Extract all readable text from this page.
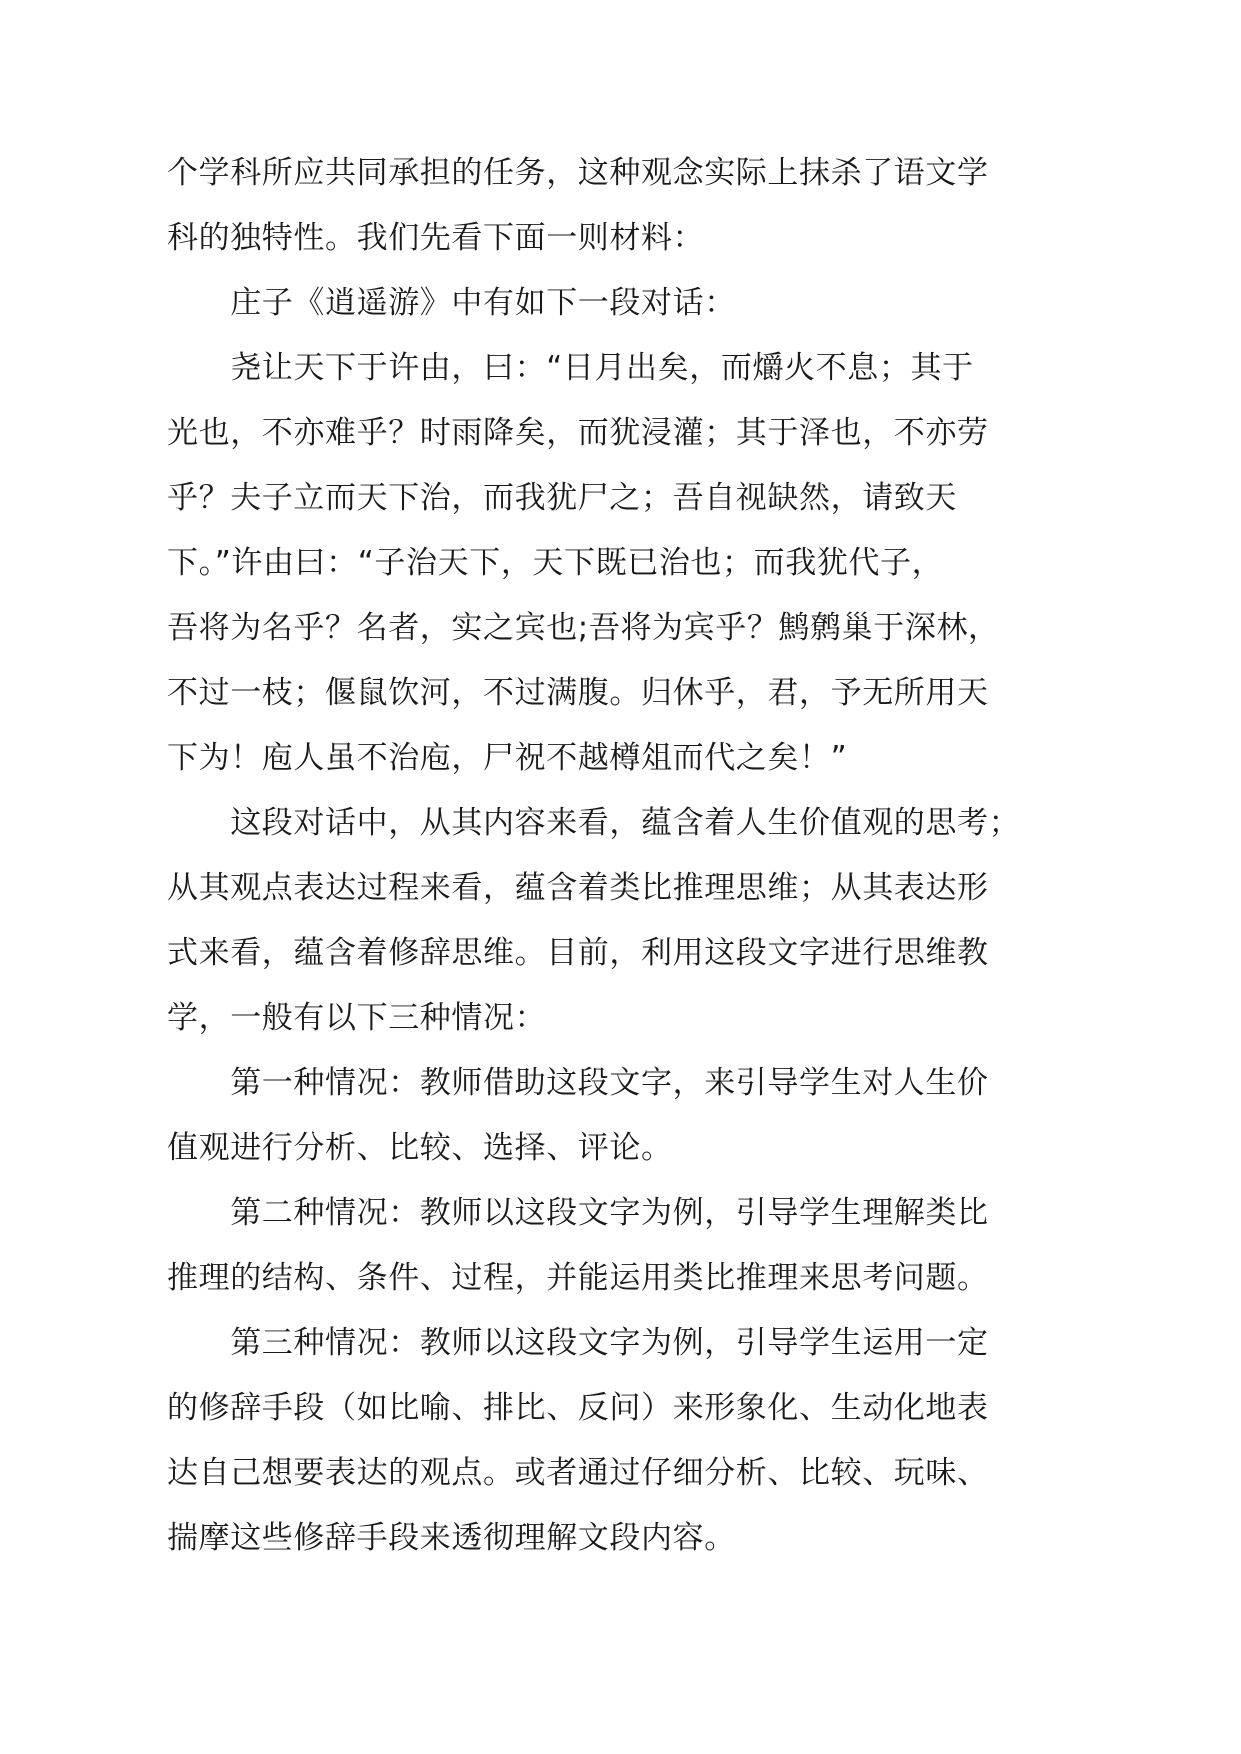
个学科所应共同承担的任务，这种观念实际上抹杀了语文学
科的独特性。我们先看下面一则材料：
　　庄子《逍遥游》中有如下一段对话：
　　尧让天下于许由，曰：“日月出矣，而爝火不息；其于
光也，不亦难乎？时雨降矣，而犹浸灌；其于泽也，不亦劳
乎？夫子立而天下治，而我犹尸之；吾自视缺然，请致天
下。”许由曰：“子治天下，天下既已治也；而我犹代子，
吾将为名乎？名者，实之宾也;吾将为宾乎？鹪鹩巢于深林，
不过一枝；偃鼠饮河，不过满腹。归休乎，君，予无所用天
下为！庖人虽不治庖，尸祝不越樽俎而代之矣！”
　　这段对话中，从其内容来看，蕴含着人生价值观的思考；
从其观点表达过程来看，蕴含着类比推理思维；从其表达形
式来看，蕴含着修辞思维。目前，利用这段文字进行思维教
学，一般有以下三种情况：
　　第一种情况：教师借助这段文字，来引导学生对人生价
值观进行分析、比较、选择、评论。
　　第二种情况：教师以这段文字为例，引导学生理解类比
推理的结构、条件、过程，并能运用类比推理来思考问题。
　　第三种情况：教师以这段文字为例，引导学生运用一定
的修辞手段（如比喻、排比、反问）来形象化、生动化地表
达自己想要表达的观点。或者通过仔细分析、比较、玩味、
揣摩这些修辞手段来透彻理解文段内容。
